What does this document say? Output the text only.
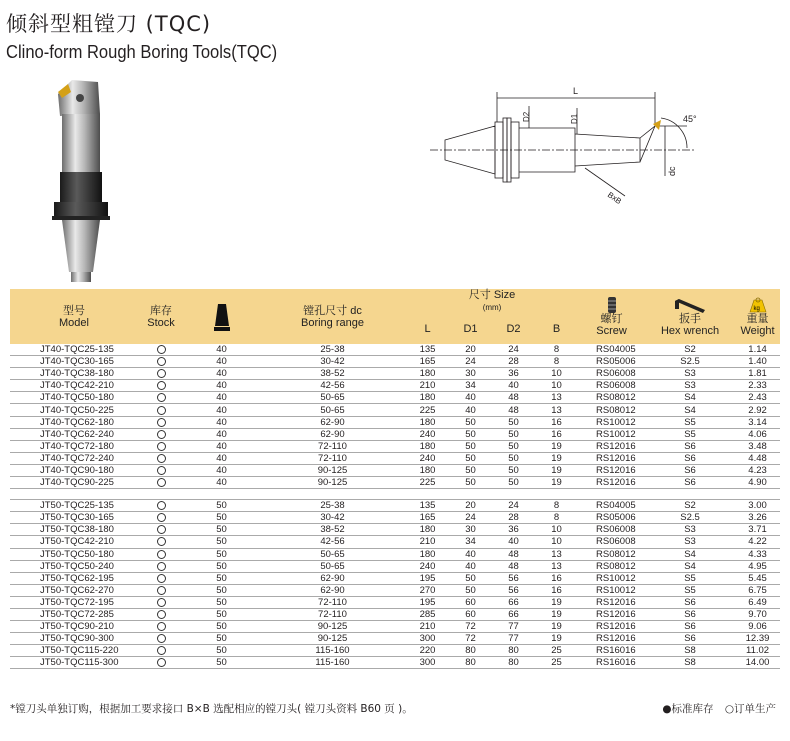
倾斜型粗镗刀 (TQC)
Clino-form Rough Boring Tools(TQC)
L
D2	D1	45°
dc
BxB
型号
Model	库存
Stock		镗孔尺寸 dc
Boring range	尺寸 Size
(mm)				螺钉
Screw	扳手
Hex wrench	kg
重量
Weight
				L	D1	D2	B			
JT40-TQC25-135		40	25-38	135	20	24	8	RS04005	S2	1.14
JT40-TQC30-165		40	30-42	165	24	28	8	RS05006	S2.5	1.40
JT40-TQC38-180		40	38-52	180	30	36	10	RS06008	S3	1.81
JT40-TQC42-210		40	42-56	210	34	40	10	RS06008	S3	2.33
JT40-TQC50-180		40	50-65	180	40	48	13	RS08012	S4	2.43
JT40-TQC50-225		40	50-65	225	40	48	13	RS08012	S4	2.92
JT40-TQC62-180		40	62-90	180	50	50	16	RS10012	S5	3.14
JT40-TQC62-240		40	62-90	240	50	50	16	RS10012	S5	4.06
JT40-TQC72-180		40	72-110	180	50	50	19	RS12016	S6	3.48
JT40-TQC72-240		40	72-110	240	50	50	19	RS12016	S6	4.48
JT40-TQC90-180		40	90-125	180	50	50	19	RS12016	S6	4.23
JT40-TQC90-225		40	90-125	225	50	50	19	RS12016	S6	4.90

JT50-TQC25-135		50	25-38	135	20	24	8	RS04005	S2	3.00
JT50-TQC30-165		50	30-42	165	24	28	8	RS05006	S2.5	3.26
JT50-TQC38-180		50	38-52	180	30	36	10	RS06008	S3	3.71
JT50-TQC42-210		50	42-56	210	34	40	10	RS06008	S3	4.22
JT50-TQC50-180		50	50-65	180	40	48	13	RS08012	S4	4.33
JT50-TQC50-240		50	50-65	240	40	48	13	RS08012	S4	4.95
JT50-TQC62-195		50	62-90	195	50	56	16	RS10012	S5	5.45
JT50-TQC62-270		50	62-90	270	50	56	16	RS10012	S5	6.75
JT50-TQC72-195		50	72-110	195	60	66	19	RS12016	S6	6.49
JT50-TQC72-285		50	72-110	285	60	66	19	RS12016	S6	9.70
JT50-TQC90-210		50	90-125	210	72	77	19	RS12016	S6	9.06
JT50-TQC90-300		50	90-125	300	72	77	19	RS12016	S6	12.39
JT50-TQC115-220		50	115-160	220	80	80	25	RS16016	S8	11.02
JT50-TQC115-300		50	115-160	300	80	80	25	RS16016	S8	14.00
*镗刀头单独订购，根据加工要求接口 B×B 选配相应的镗刀头( 镗刀头资料 B60 页 )。	●标准库存 ○订单生产
